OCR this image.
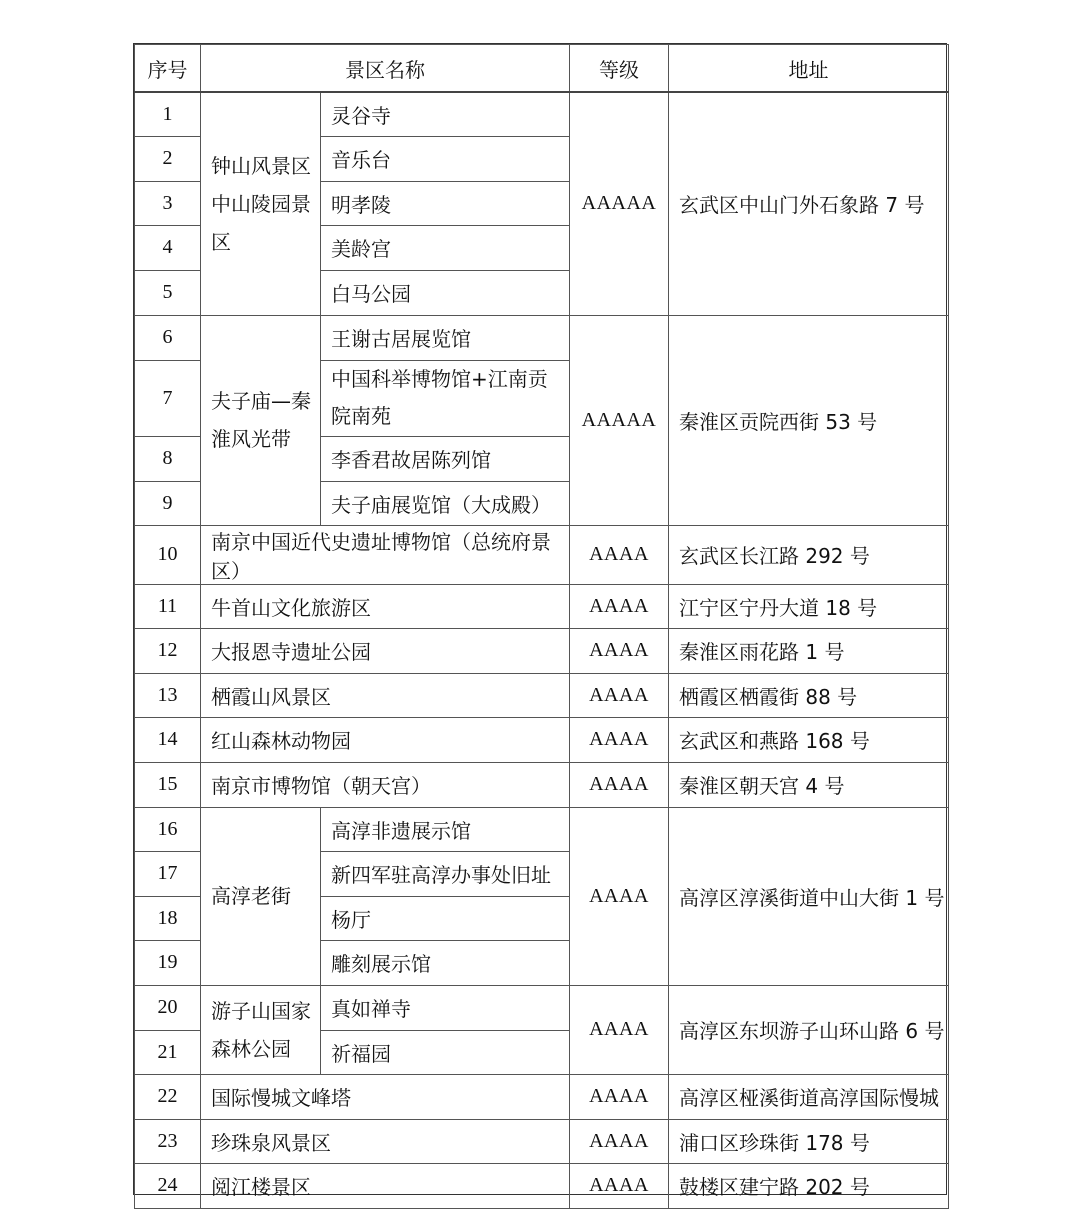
序号	景区名称		等级	地址
1	钟山风景区中山陵园景区	灵谷寺	AAAAA	玄武区中山门外石象路 7 号
2		音乐台		
3		明孝陵		
4		美龄宫		
5		白马公园		
6	夫子庙—秦淮风光带	王谢古居展览馆	AAAAA	秦淮区贡院西街 53 号
7		中国科举博物馆+江南贡院南苑		
8		李香君故居陈列馆		
9		夫子庙展览馆（大成殿）		
10	南京中国近代史遗址博物馆（总统府景区）		AAAA	玄武区长江路 292 号
11	牛首山文化旅游区		AAAA	江宁区宁丹大道 18 号
12	大报恩寺遗址公园		AAAA	秦淮区雨花路 1 号
13	栖霞山风景区		AAAA	栖霞区栖霞街 88 号
14	红山森林动物园		AAAA	玄武区和燕路 168 号
15	南京市博物馆（朝天宫）		AAAA	秦淮区朝天宫 4 号
16	高淳老街	高淳非遗展示馆	AAAA	高淳区淳溪街道中山大街 1 号
17		新四军驻高淳办事处旧址		
18		杨厅		
19		雕刻展示馆		
20	游子山国家森林公园	真如禅寺	AAAA	高淳区东坝游子山环山路 6 号
21		祈福园		
22	国际慢城文峰塔		AAAA	高淳区桠溪街道高淳国际慢城
23	珍珠泉风景区		AAAA	浦口区珍珠街 178 号
24	阅江楼景区		AAAA	鼓楼区建宁路 202 号
